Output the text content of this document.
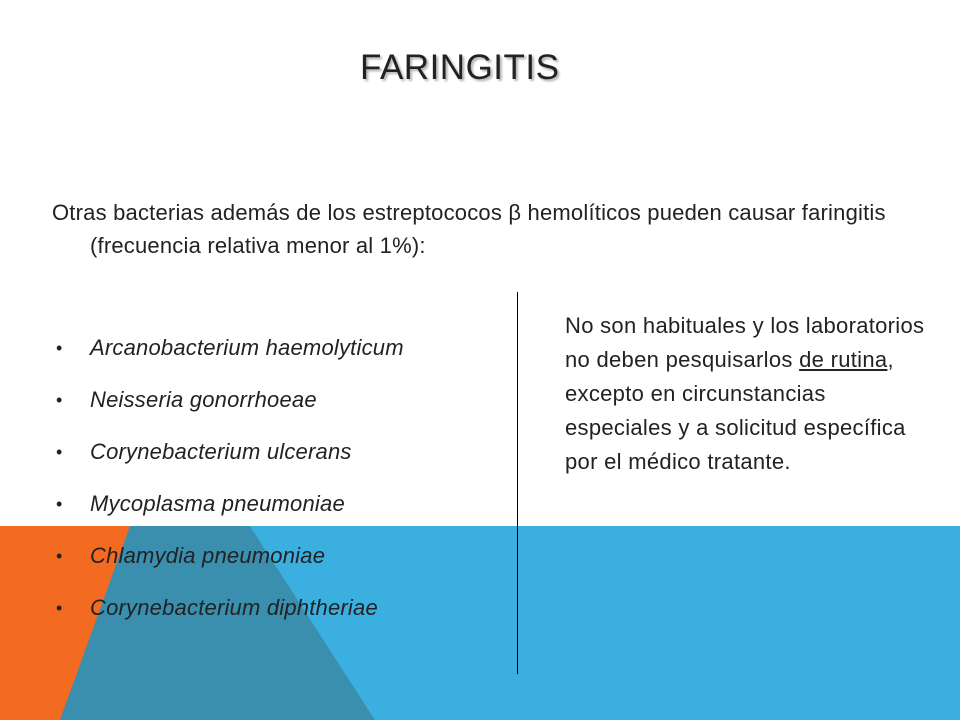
FARINGITIS

Otras bacterias además de los estreptococos β hemolíticos pueden causar faringitis (frecuencia relativa menor al 1%):

• Arcanobacterium haemolyticum
• Neisseria gonorrhoeae
• Corynebacterium ulcerans
• Mycoplasma pneumoniae
• Chlamydia pneumoniae
• Corynebacterium diphtheriae

No son habituales y los laboratorios no deben pesquisarlos de rutina, excepto en circunstancias especiales y a solicitud específica por el médico tratante.
